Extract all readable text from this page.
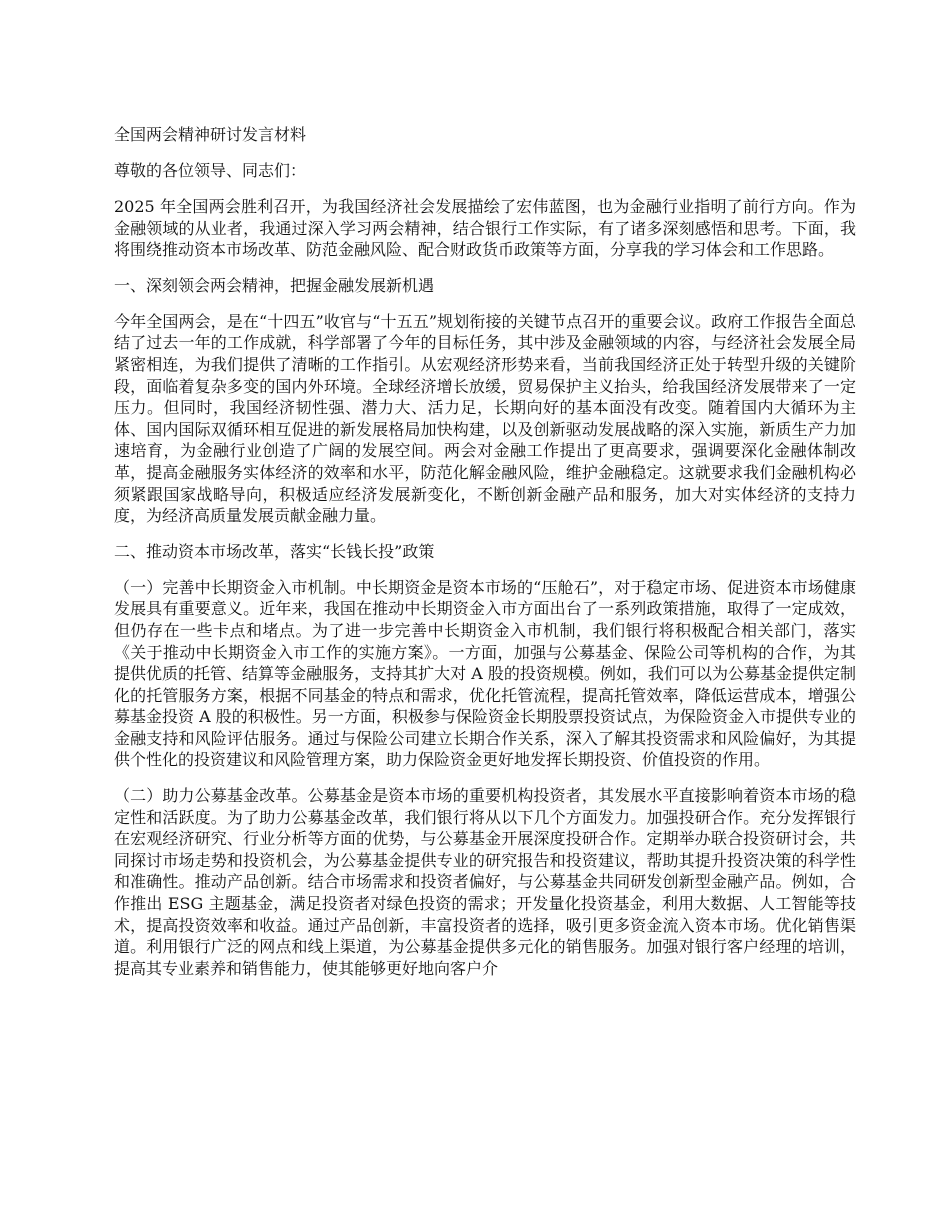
全国两会精神研讨发言材料
尊敬的各位领导、同志们：
2025 年全国两会胜利召开，为我国经济社会发展描绘了宏伟蓝图，也为金融行业指明了前行方向。作为金融领域的从业者，我通过深入学习两会精神，结合银行工作实际，有了诸多深刻感悟和思考。下面，我将围绕推动资本市场改革、防范金融风险、配合财政货币政策等方面，分享我的学习体会和工作思路。
一、深刻领会两会精神，把握金融发展新机遇
今年全国两会，是在“十四五”收官与“十五五”规划衔接的关键节点召开的重要会议。政府工作报告全面总结了过去一年的工作成就，科学部署了今年的目标任务，其中涉及金融领域的内容，与经济社会发展全局紧密相连，为我们提供了清晰的工作指引。从宏观经济形势来看，当前我国经济正处于转型升级的关键阶段，面临着复杂多变的国内外环境。全球经济增长放缓，贸易保护主义抬头，给我国经济发展带来了一定压力。但同时，我国经济韧性强、潜力大、活力足，长期向好的基本面没有改变。随着国内大循环为主体、国内国际双循环相互促进的新发展格局加快构建，以及创新驱动发展战略的深入实施，新质生产力加速培育，为金融行业创造了广阔的发展空间。两会对金融工作提出了更高要求，强调要深化金融体制改革，提高金融服务实体经济的效率和水平，防范化解金融风险，维护金融稳定。这就要求我们金融机构必须紧跟国家战略导向，积极适应经济发展新变化，不断创新金融产品和服务，加大对实体经济的支持力度，为经济高质量发展贡献金融力量。
二、推动资本市场改革，落实“长钱长投”政策
（一）完善中长期资金入市机制。中长期资金是资本市场的“压舱石”，对于稳定市场、促进资本市场健康发展具有重要意义。近年来，我国在推动中长期资金入市方面出台了一系列政策措施，取得了一定成效，但仍存在一些卡点和堵点。为了进一步完善中长期资金入市机制，我们银行将积极配合相关部门，落实《关于推动中长期资金入市工作的实施方案》。一方面，加强与公募基金、保险公司等机构的合作，为其提供优质的托管、结算等金融服务，支持其扩大对 A 股的投资规模。例如，我们可以为公募基金提供定制化的托管服务方案，根据不同基金的特点和需求，优化托管流程，提高托管效率，降低运营成本，增强公募基金投资 A 股的积极性。另一方面，积极参与保险资金长期股票投资试点，为保险资金入市提供专业的金融支持和风险评估服务。通过与保险公司建立长期合作关系，深入了解其投资需求和风险偏好，为其提供个性化的投资建议和风险管理方案，助力保险资金更好地发挥长期投资、价值投资的作用。
（二）助力公募基金改革。公募基金是资本市场的重要机构投资者，其发展水平直接影响着资本市场的稳定性和活跃度。为了助力公募基金改革，我们银行将从以下几个方面发力。加强投研合作。充分发挥银行在宏观经济研究、行业分析等方面的优势，与公募基金开展深度投研合作。定期举办联合投资研讨会，共同探讨市场走势和投资机会，为公募基金提供专业的研究报告和投资建议，帮助其提升投资决策的科学性和准确性。推动产品创新。结合市场需求和投资者偏好，与公募基金共同研发创新型金融产品。例如，合作推出 ESG 主题基金，满足投资者对绿色投资的需求；开发量化投资基金，利用大数据、人工智能等技术，提高投资效率和收益。通过产品创新，丰富投资者的选择，吸引更多资金流入资本市场。优化销售渠道。利用银行广泛的网点和线上渠道，为公募基金提供多元化的销售服务。加强对银行客户经理的培训，提高其专业素养和销售能力，使其能够更好地向客户介
